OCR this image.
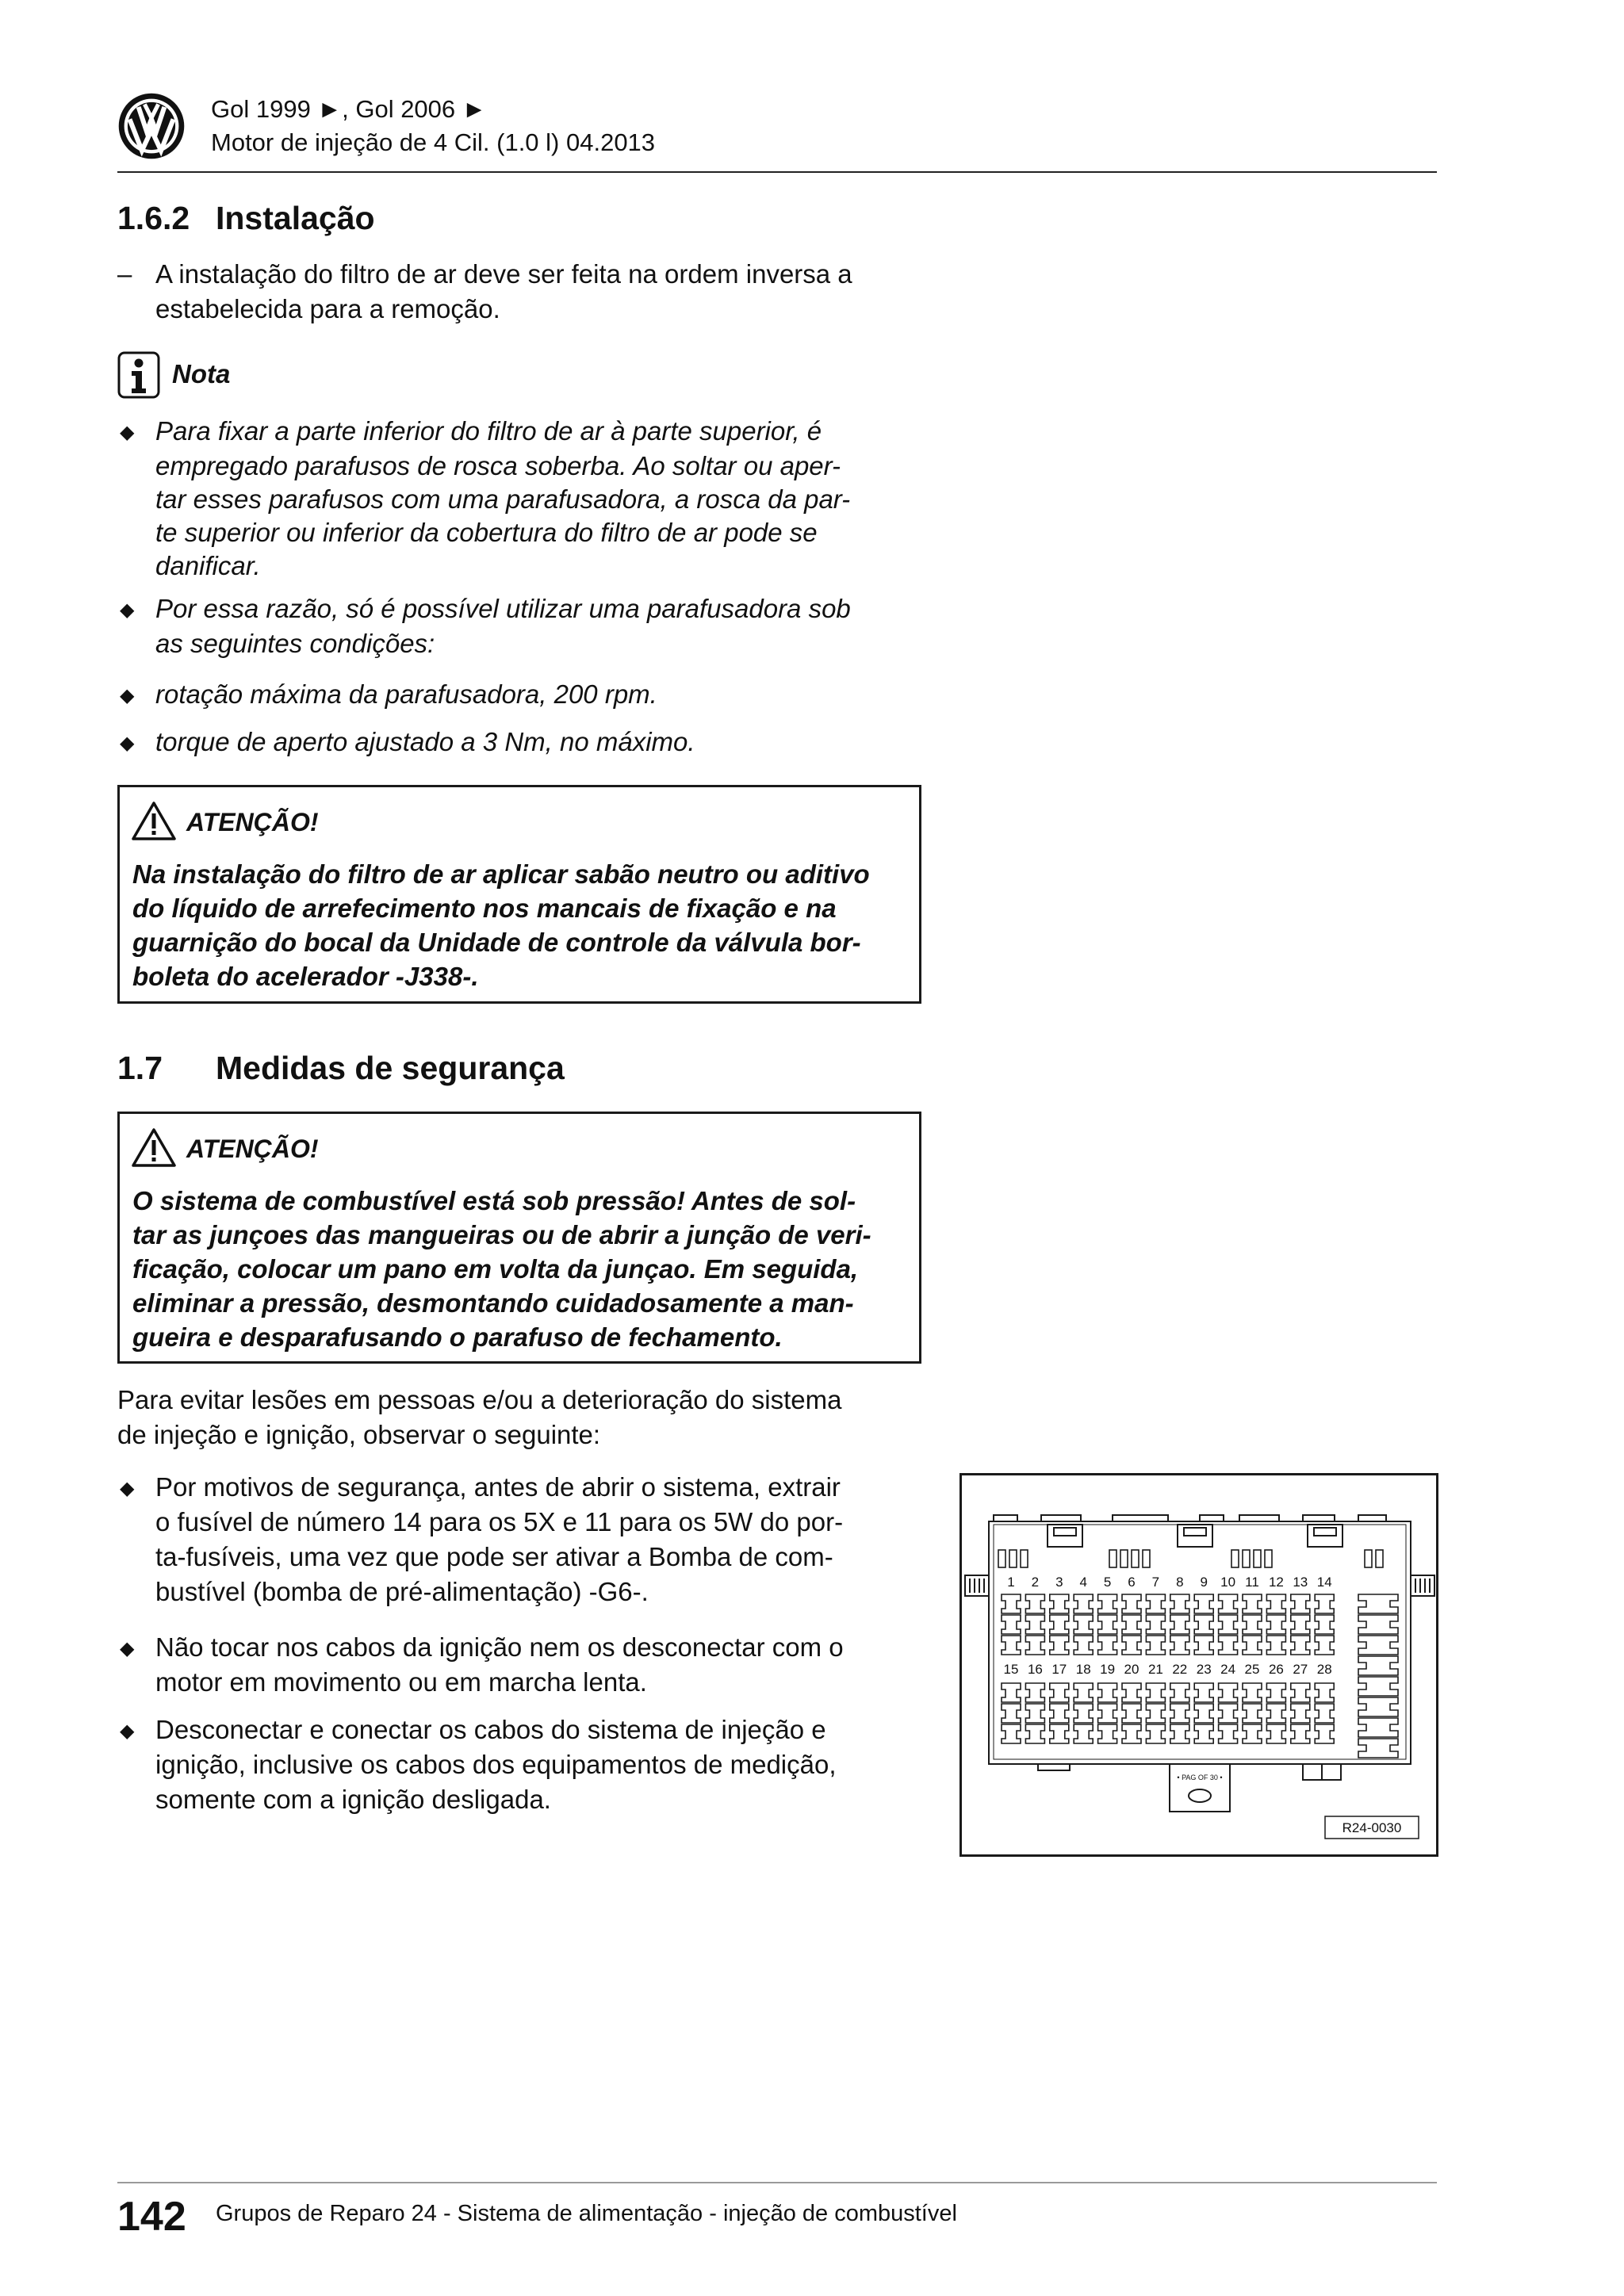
Gol 1999 ►, Gol 2006 ►
Motor de injeção de 4 Cil. (1.0 l) 04.2013
1.6.2 Instalação
– A instalação do filtro de ar deve ser feita na ordem inversa a
estabelecida para a remoção.
Nota
◆ Para fixar a parte inferior do filtro de ar à parte superior, é
empregado parafusos de rosca soberba. Ao soltar ou aper-
tar esses parafusos com uma parafusadora, a rosca da par-
te superior ou inferior da cobertura do filtro de ar pode se
danificar.
◆ Por essa razão, só é possível utilizar uma parafusadora sob
as seguintes condições:
◆ rotação máxima da parafusadora, 200 rpm.
◆ torque de aperto ajustado a 3 Nm, no máximo.
ATENÇÃO!
Na instalação do filtro de ar aplicar sabão neutro ou aditivo
do líquido de arrefecimento nos mancais de fixação e na
guarnição do bocal da Unidade de controle da válvula bor-
boleta do acelerador -J338-.
1.7 Medidas de segurança
ATENÇÃO!
O sistema de combustível está sob pressão! Antes de sol-
tar as junçoes das mangueiras ou de abrir a junção de veri-
ficação, colocar um pano em volta da junçao. Em seguida,
eliminar a pressão, desmontando cuidadosamente a man-
gueira e desparafusando o parafuso de fechamento.
Para evitar lesões em pessoas e/ou a deterioração do sistema
de injeção e ignição, observar o seguinte:
◆ Por motivos de segurança, antes de abrir o sistema, extrair
o fusível de número 14 para os 5X e 11 para os 5W do por-
ta-fusíveis, uma vez que pode ser ativar a Bomba de com-
bustível (bomba de pré-alimentação) -G6-.
◆ Não tocar nos cabos da ignição nem os desconectar com o
motor em movimento ou em marcha lenta.
◆ Desconectar e conectar os cabos do sistema de injeção e
ignição, inclusive os cabos dos equipamentos de medição,
somente com a ignição desligada.
1 2 3 4 5 6 7 8 9 10 11 12 13 14
15 16 17 18 19 20 21 22 23 24 25 26 27 28
• PAG OF 30 •
R24-0030
142 Grupos de Reparo 24 - Sistema de alimentação - injeção de combustível
